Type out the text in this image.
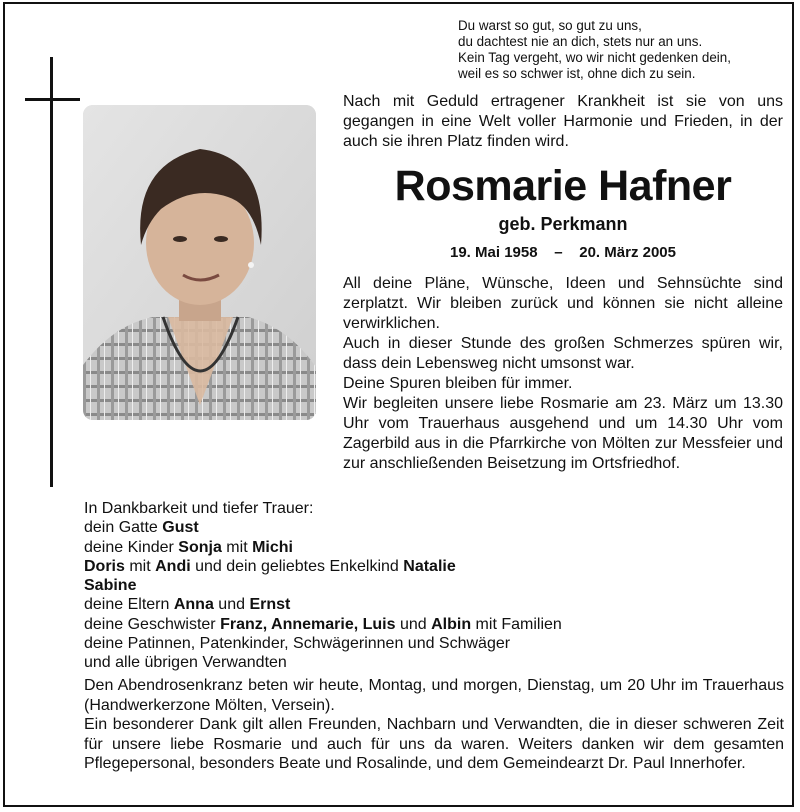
Du warst so gut, so gut zu uns,
du dachtest nie an dich, stets nur an uns.
Kein Tag vergeht, wo wir nicht gedenken dein,
weil es so schwer ist, ohne dich zu sein.
Nach mit Geduld ertragener Krankheit ist sie von uns gegangen in eine Welt voller Harmonie und Frieden, in der auch sie ihren Platz finden wird.
Rosmarie Hafner
geb. Perkmann
19. Mai 1958 – 20. März 2005

All deine Pläne, Wünsche, Ideen und Sehnsüchte sind zerplatzt. Wir bleiben zurück und können sie nicht alleine verwirklichen.

Auch in dieser Stunde des großen Schmerzes spüren wir, dass dein Lebensweg nicht umsonst war.

Deine Spuren bleiben für immer.

Wir begleiten unsere liebe Rosmarie am 23. März um 13.30 Uhr vom Trauerhaus ausgehend und um 14.30 Uhr vom Zagerbild aus in die Pfarrkirche von Mölten zur Messfeier und zur anschließenden Beisetzung im Ortsfriedhof.

In Dankbarkeit und tiefer Trauer:

dein Gatte Gust

deine Kinder Sonja mit Michi

Doris mit Andi und dein geliebtes Enkelkind Natalie

Sabine

deine Eltern Anna und Ernst

deine Geschwister Franz, Annemarie, Luis und Albin mit Familien

deine Patinnen, Patenkinder, Schwägerinnen und Schwäger

und alle übrigen Verwandten

Den Abendrosenkranz beten wir heute, Montag, und morgen, Dienstag, um 20 Uhr im Trauerhaus (Handwerkerzone Mölten, Versein).

Ein besonderer Dank gilt allen Freunden, Nachbarn und Verwandten, die in dieser schweren Zeit für unsere liebe Rosmarie und auch für uns da waren. Weiters danken wir dem gesamten Pflegepersonal, besonders Beate und Rosalinde, und dem Gemeindearzt Dr. Paul Innerhofer.
